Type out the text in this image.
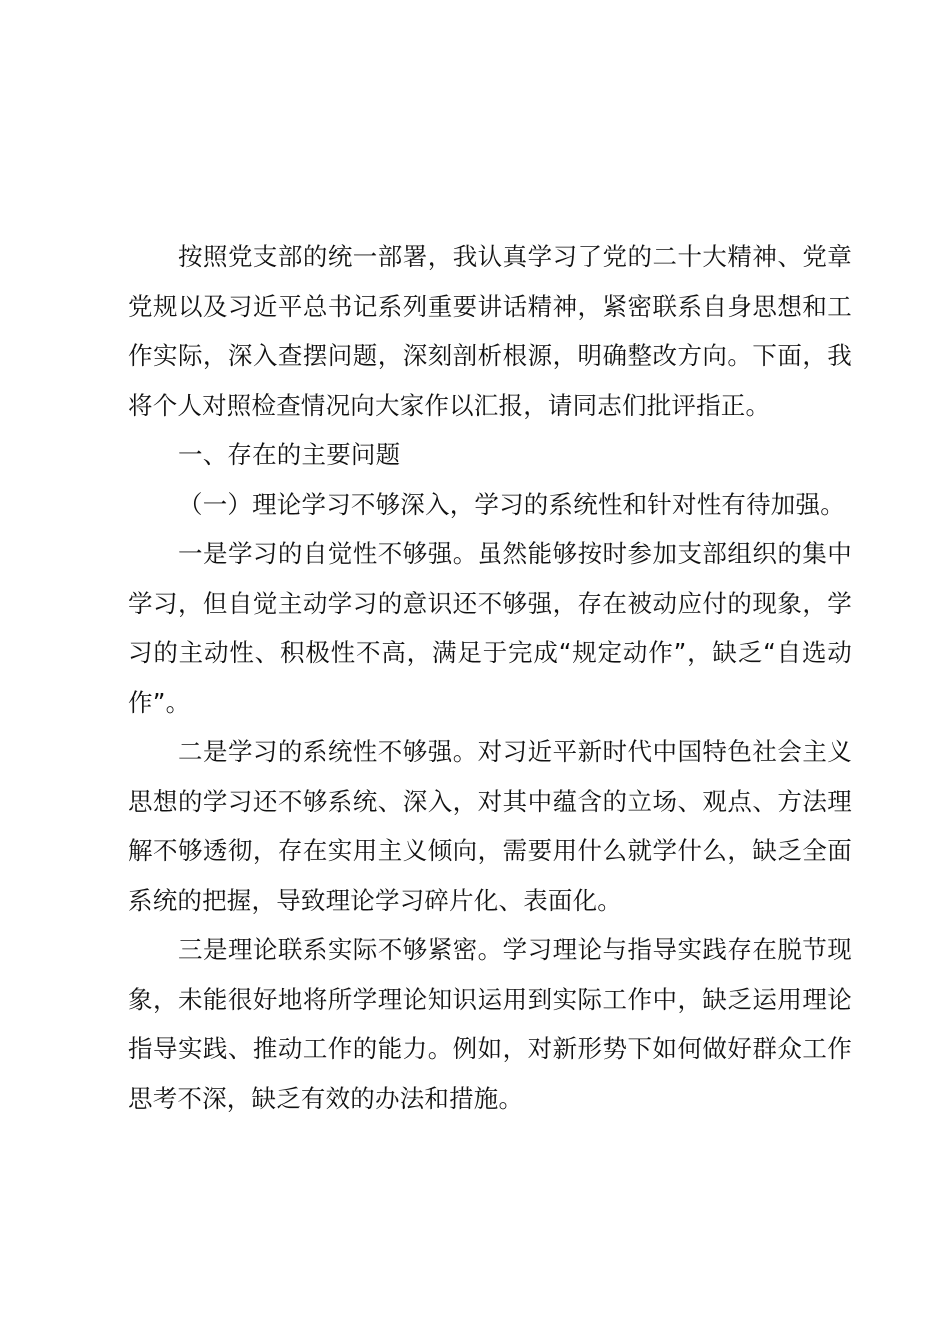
按照党支部的统一部署，我认真学习了党的二十大精神、党章党规以及习近平总书记系列重要讲话精神，紧密联系自身思想和工作实际，深入查摆问题，深刻剖析根源，明确整改方向。下面，我将个人对照检查情况向大家作以汇报，请同志们批评指正。

一、存在的主要问题

（一）理论学习不够深入，学习的系统性和针对性有待加强。

一是学习的自觉性不够强。虽然能够按时参加支部组织的集中学习，但自觉主动学习的意识还不够强，存在被动应付的现象，学习的主动性、积极性不高，满足于完成“规定动作”，缺乏“自选动作”。

二是学习的系统性不够强。对习近平新时代中国特色社会主义思想的学习还不够系统、深入，对其中蕴含的立场、观点、方法理解不够透彻，存在实用主义倾向，需要用什么就学什么，缺乏全面系统的把握，导致理论学习碎片化、表面化。

三是理论联系实际不够紧密。学习理论与指导实践存在脱节现象，未能很好地将所学理论知识运用到实际工作中，缺乏运用理论指导实践、推动工作的能力。例如，对新形势下如何做好群众工作思考不深，缺乏有效的办法和措施。
